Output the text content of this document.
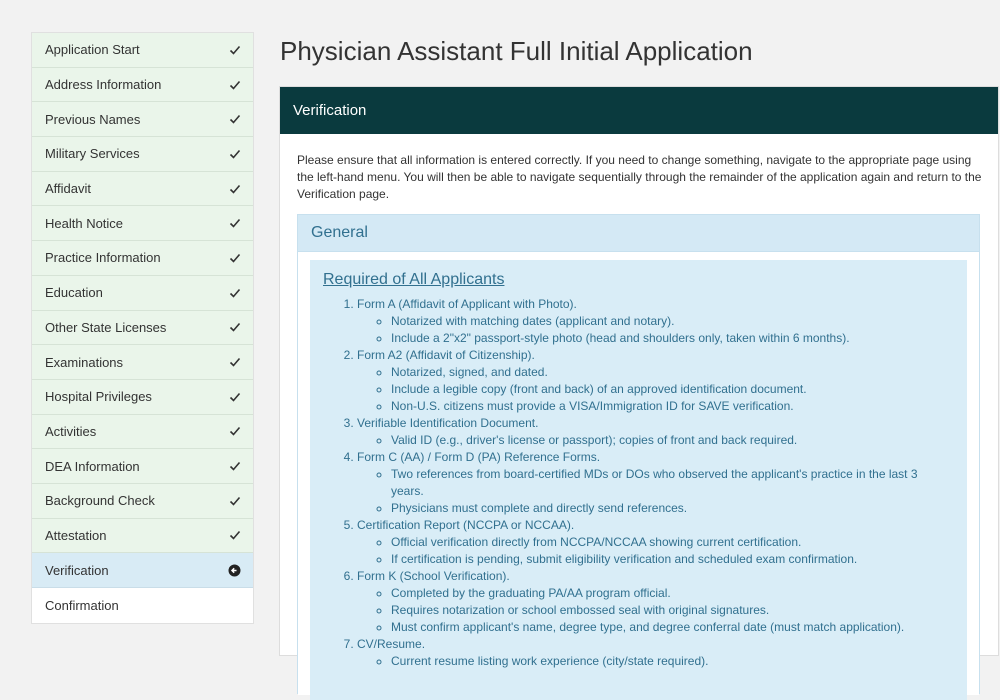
Application Start
Address Information
Previous Names
Military Services
Affidavit
Health Notice
Practice Information
Education
Other State Licenses
Examinations
Hospital Privileges
Activities
DEA Information
Background Check
Attestation
Verification
Confirmation
Physician Assistant Full Initial Application
Verification

Please ensure that all information is entered correctly. If you need to change something, navigate to the appropriate page using the left-hand menu. You will then be able to navigate sequentially through the remainder of the application again and return to the Verification page.

General
Required of All Applicants
1. Form A (Affidavit of Applicant with Photo).
◦ Notarized with matching dates (applicant and notary).
◦ Include a 2"x2" passport-style photo (head and shoulders only, taken within 6 months).
2. Form A2 (Affidavit of Citizenship).
◦ Notarized, signed, and dated.
◦ Include a legible copy (front and back) of an approved identification document.
◦ Non-U.S. citizens must provide a VISA/Immigration ID for SAVE verification.
3. Verifiable Identification Document.
◦ Valid ID (e.g., driver's license or passport); copies of front and back required.
4. Form C (AA) / Form D (PA) Reference Forms.
◦ Two references from board-certified MDs or DOs who observed the applicant's practice in the last 3 years.
◦ Physicians must complete and directly send references.
5. Certification Report (NCCPA or NCCAA).
◦ Official verification directly from NCCPA/NCCAA showing current certification.
◦ If certification is pending, submit eligibility verification and scheduled exam confirmation.
6. Form K (School Verification).
◦ Completed by the graduating PA/AA program official.
◦ Requires notarization or school embossed seal with original signatures.
◦ Must confirm applicant's name, degree type, and degree conferral date (must match application).
7. CV/Resume.
◦ Current resume listing work experience (city/state required).
